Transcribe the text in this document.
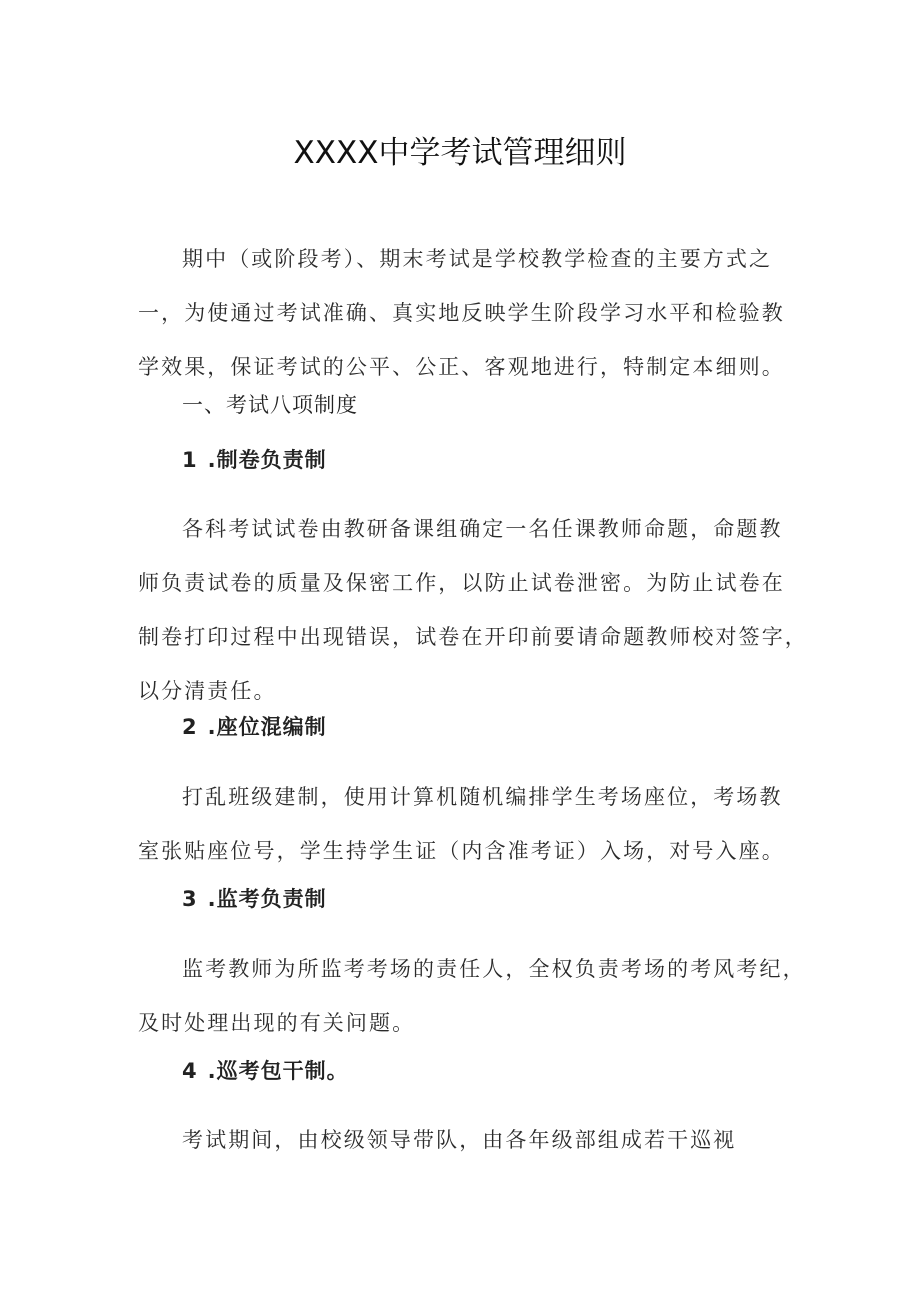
XXXX中学考试管理细则
期中（或阶段考）、期末考试是学校教学检查的主要方式之
一，为使通过考试准确、真实地反映学生阶段学习水平和检验教
学效果，保证考试的公平、公正、客观地进行，特制定本细则。
一、考试八项制度
1 .制卷负责制
各科考试试卷由教研备课组确定一名任课教师命题，命题教
师负责试卷的质量及保密工作，以防止试卷泄密。为防止试卷在
制卷打印过程中出现错误，试卷在开印前要请命题教师校对签字，
以分清责任。
2 .座位混编制
打乱班级建制，使用计算机随机编排学生考场座位，考场教
室张贴座位号，学生持学生证（内含准考证）入场，对号入座。
3 .监考负责制
监考教师为所监考考场的责任人，全权负责考场的考风考纪，
及时处理出现的有关问题。
4 .巡考包干制。
考试期间，由校级领导带队，由各年级部组成若干巡视
